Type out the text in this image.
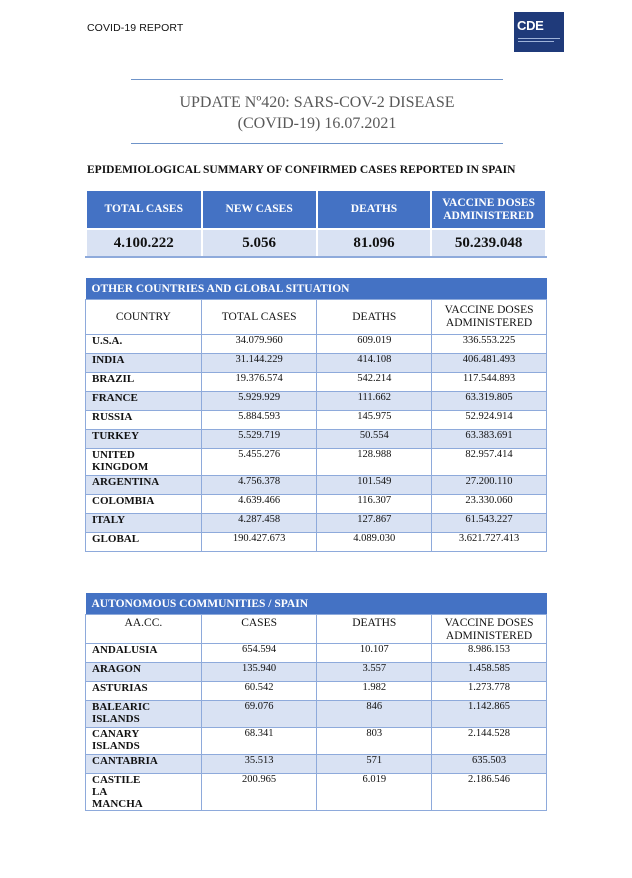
COVID-19 REPORT	CDE
UPDATE Nº420: SARS-COV-2 DISEASE
(COVID-19) 16.07.2021
EPIDEMIOLOGICAL SUMMARY OF CONFIRMED CASES REPORTED IN SPAIN
TOTAL CASES	NEW CASES	DEATHS	VACCINE DOSES ADMINISTERED
4.100.222	5.056	81.096	50.239.048
OTHER COUNTRIES AND GLOBAL SITUATION			
COUNTRY	TOTAL CASES	DEATHS	VACCINE DOSES ADMINISTERED
U.S.A.	34.079.960	609.019	336.553.225
INDIA	31.144.229	414.108	406.481.493
BRAZIL	19.376.574	542.214	117.544.893
FRANCE	5.929.929	111.662	63.319.805
RUSSIA	5.884.593	145.975	52.924.914
TURKEY	5.529.719	50.554	63.383.691
UNITED KINGDOM	5.455.276	128.988	82.957.414
ARGENTINA	4.756.378	101.549	27.200.110
COLOMBIA	4.639.466	116.307	23.330.060
ITALY	4.287.458	127.867	61.543.227
GLOBAL	190.427.673	4.089.030	3.621.727.413
AUTONOMOUS COMMUNITIES / SPAIN			
AA.CC.	CASES	DEATHS	VACCINE DOSES ADMINISTERED
ANDALUSIA	654.594	10.107	8.986.153
ARAGON	135.940	3.557	1.458.585
ASTURIAS	60.542	1.982	1.273.778
BALEARIC ISLANDS	69.076	846	1.142.865
CANARY ISLANDS	68.341	803	2.144.528
CANTABRIA	35.513	571	635.503
CASTILE LA MANCHA	200.965	6.019	2.186.546
